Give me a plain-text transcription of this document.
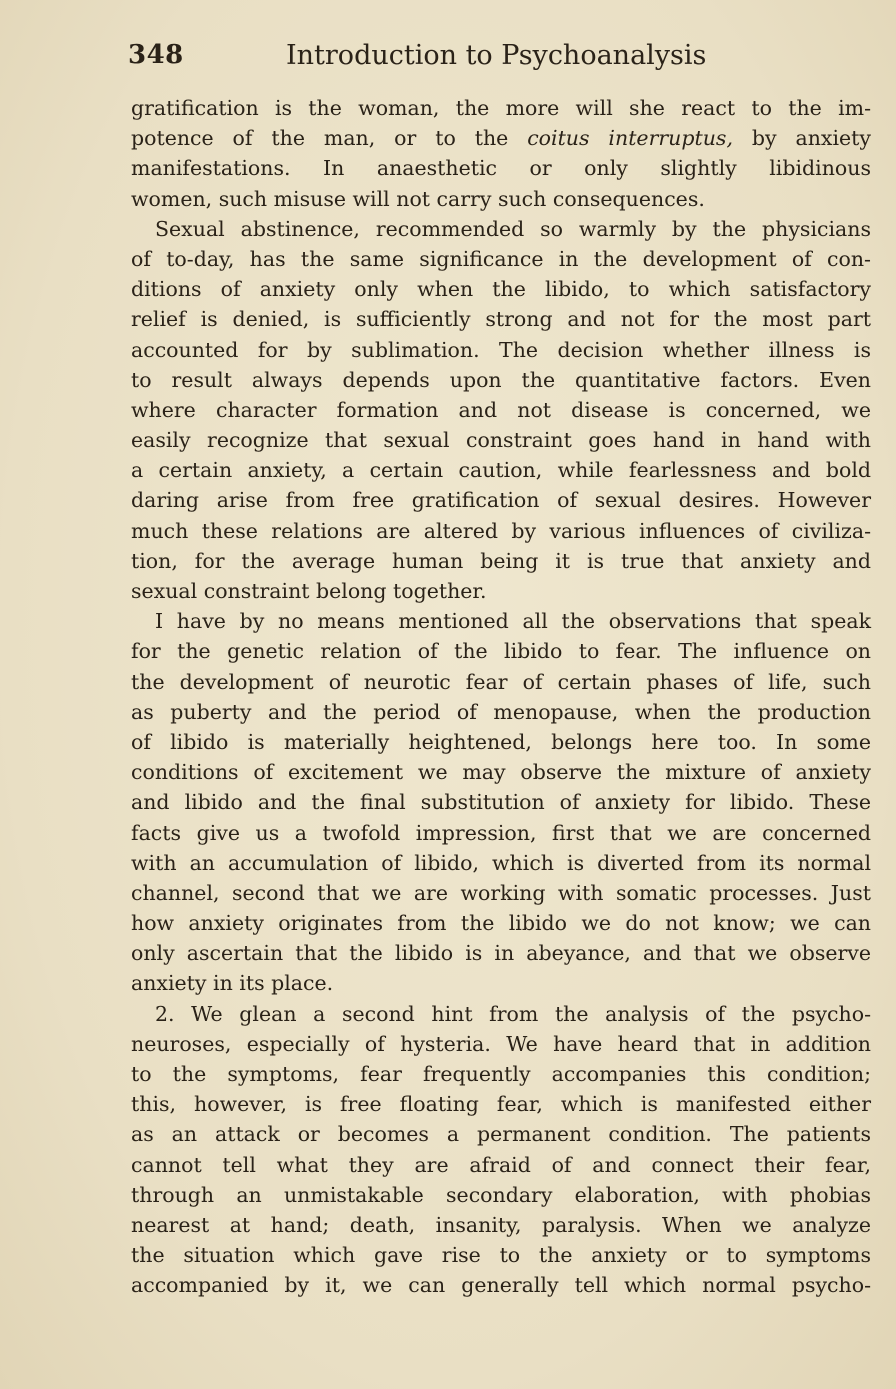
348	Introduction to Psychoanalysis
gratification is the woman, the more will she react to the im-
potence of the man, or to the coitus interruptus, by anxiety
manifestations. In anaesthetic or only slightly libidinous
women, such misuse will not carry such consequences.
Sexual abstinence, recommended so warmly by the physicians
of to-day, has the same significance in the development of con-
ditions of anxiety only when the libido, to which satisfactory
relief is denied, is sufficiently strong and not for the most part
accounted for by sublimation. The decision whether illness is
to result always depends upon the quantitative factors. Even
where character formation and not disease is concerned, we
easily recognize that sexual constraint goes hand in hand with
a certain anxiety, a certain caution, while fearlessness and bold
daring arise from free gratification of sexual desires. However
much these relations are altered by various influences of civiliza-
tion, for the average human being it is true that anxiety and
sexual constraint belong together.
I have by no means mentioned all the observations that speak
for the genetic relation of the libido to fear. The influence on
the development of neurotic fear of certain phases of life, such
as puberty and the period of menopause, when the production
of libido is materially heightened, belongs here too. In some
conditions of excitement we may observe the mixture of anxiety
and libido and the final substitution of anxiety for libido. These
facts give us a twofold impression, first that we are concerned
with an accumulation of libido, which is diverted from its normal
channel, second that we are working with somatic processes. Just
how anxiety originates from the libido we do not know; we can
only ascertain that the libido is in abeyance, and that we observe
anxiety in its place.
2. We glean a second hint from the analysis of the psycho-
neuroses, especially of hysteria. We have heard that in addition
to the symptoms, fear frequently accompanies this condition;
this, however, is free floating fear, which is manifested either
as an attack or becomes a permanent condition. The patients
cannot tell what they are afraid of and connect their fear,
through an unmistakable secondary elaboration, with phobias
nearest at hand; death, insanity, paralysis. When we analyze
the situation which gave rise to the anxiety or to symptoms
accompanied by it, we can generally tell which normal psycho-
